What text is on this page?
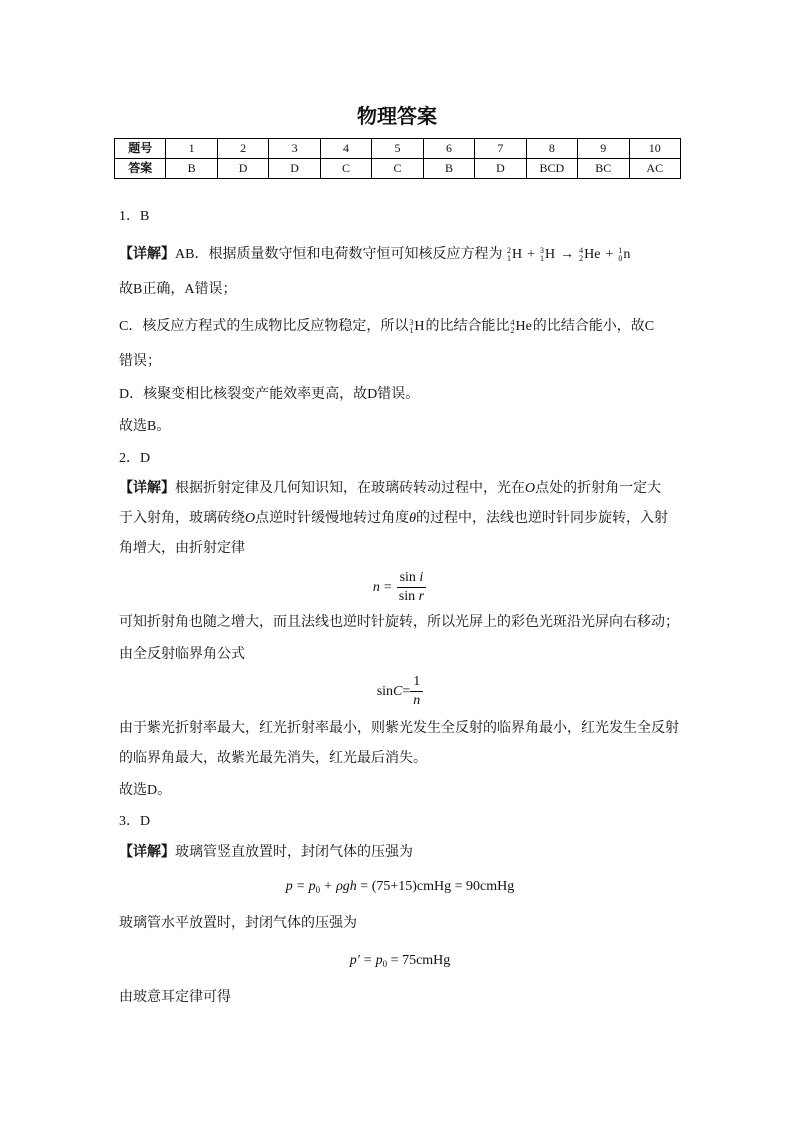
物理答案
题号	1	2	3	4	5	6	7	8	9	10
答案	B	D	D	C	C	B	D	BCD	BC	AC
1．B
【详解】AB．根据质量数守恒和电荷数守恒可知核反应方程为 2
1 H + 3
1 H → 4
2 He + 1
0 n
故B正确，A错误；
C．核反应方程式的生成物比反应物稳定，所以 3
1 H 的比结合能比 4
2 He 的比结合能小，故C
错误；
D．核聚变相比核裂变产能效率更高，故D错误。
故选B。
2．D
【详解】根据折射定律及几何知识知，在玻璃砖转动过程中，光在O点处的折射角一定大
于入射角，玻璃砖绕O点逆时针缓慢地转过角度θ的过程中，法线也逆时针同步旋转，入射
角增大，由折射定律
$n = \frac{\text{sin i}}{\text{sin r}}$
可知折射角也随之增大，而且法线也逆时针旋转，所以光屏上的彩色光斑沿光屏向右移动；
由全反射临界角公式
$\sin C= \frac{1}{n}$
由于紫光折射率最大，红光折射率最小，则紫光发生全反射的临界角最小，红光发生全反射
的临界角最大，故紫光最先消失，红光最后消失。
故选D。
3．D
【详解】玻璃管竖直放置时，封闭气体的压强为
$p = p_0 + \rho gh$ = (75+15)cmHg = 90cmHg
玻璃管水平放置时，封闭气体的压强为
$p' = p_0$ = 75cmHg
由玻意耳定律可得
